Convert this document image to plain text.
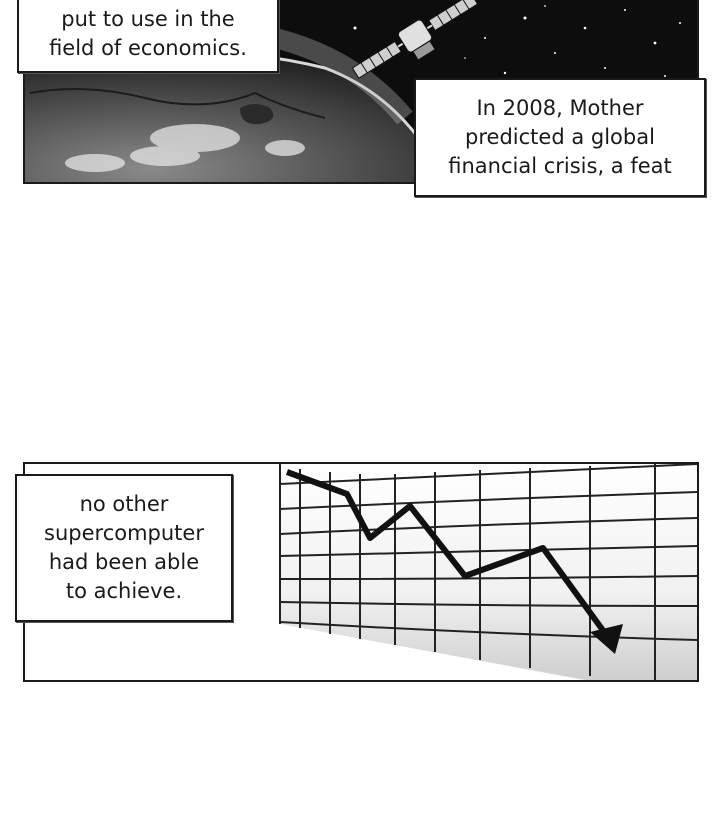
put to use in the
field of economics.
In 2008, Mother
predicted a global
financial crisis, a feat
no other
supercomputer
had been able
to achieve.
